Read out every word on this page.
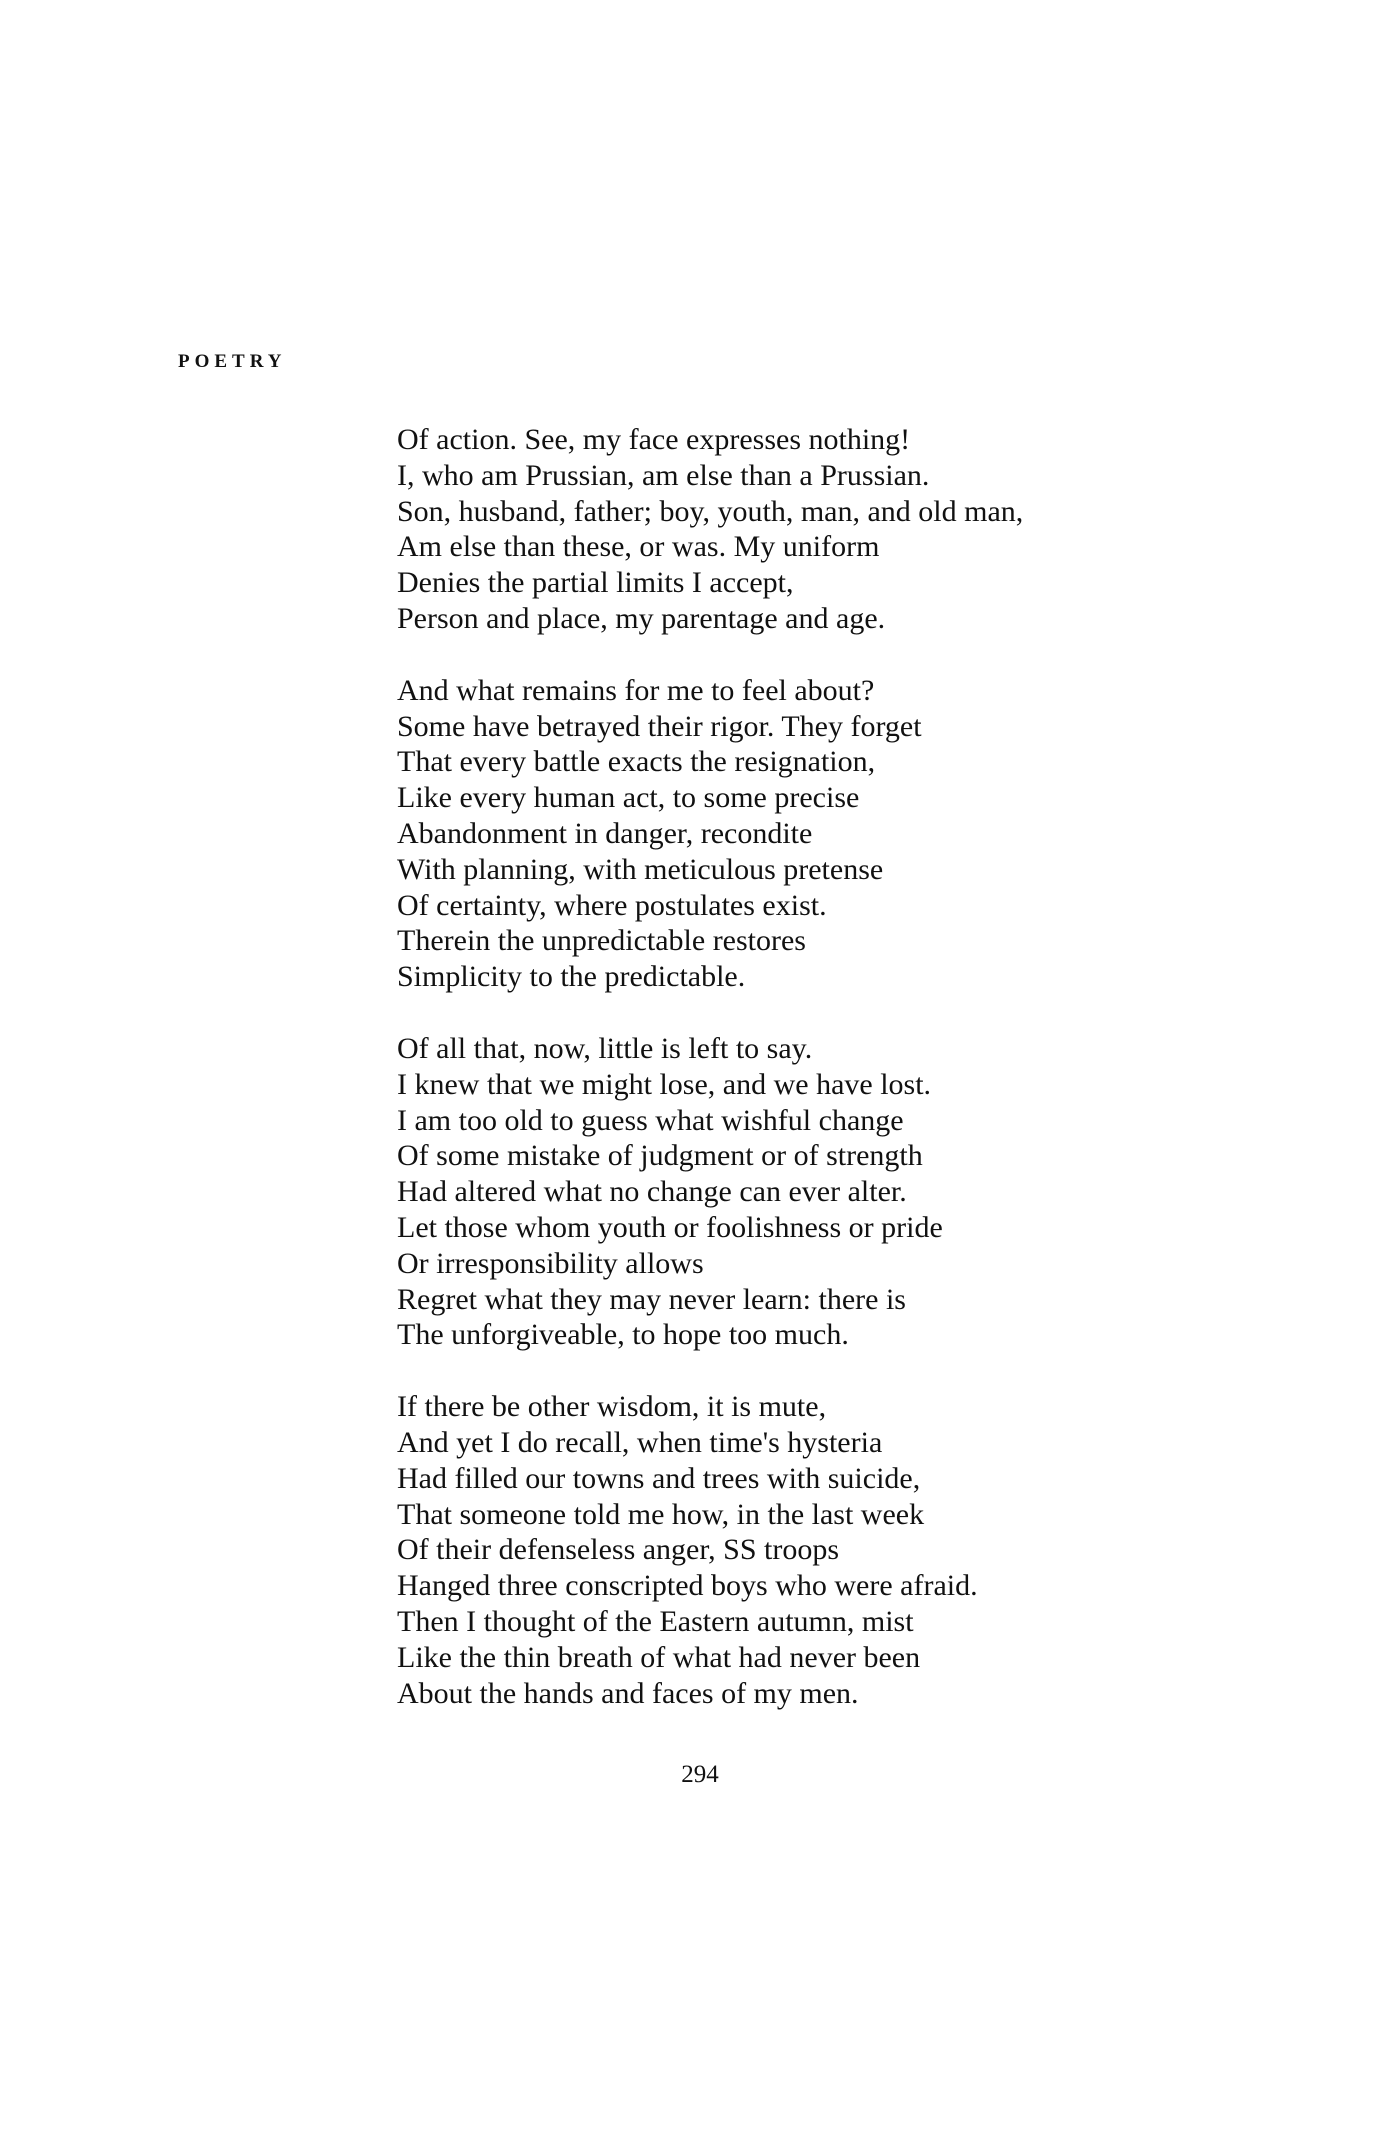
POETRY
Of action. See, my face expresses nothing!
I, who am Prussian, am else than a Prussian.
Son, husband, father; boy, youth, man, and old man,
Am else than these, or was. My uniform
Denies the partial limits I accept,
Person and place, my parentage and age.
And what remains for me to feel about?
Some have betrayed their rigor. They forget
That every battle exacts the resignation,
Like every human act, to some precise
Abandonment in danger, recondite
With planning, with meticulous pretense
Of certainty, where postulates exist.
Therein the unpredictable restores
Simplicity to the predictable.
Of all that, now, little is left to say.
I knew that we might lose, and we have lost.
I am too old to guess what wishful change
Of some mistake of judgment or of strength
Had altered what no change can ever alter.
Let those whom youth or foolishness or pride
Or irresponsibility allows
Regret what they may never learn: there is
The unforgiveable, to hope too much.
If there be other wisdom, it is mute,
And yet I do recall, when time's hysteria
Had filled our towns and trees with suicide,
That someone told me how, in the last week
Of their defenseless anger, SS troops
Hanged three conscripted boys who were afraid.
Then I thought of the Eastern autumn, mist
Like the thin breath of what had never been
About the hands and faces of my men.
294
